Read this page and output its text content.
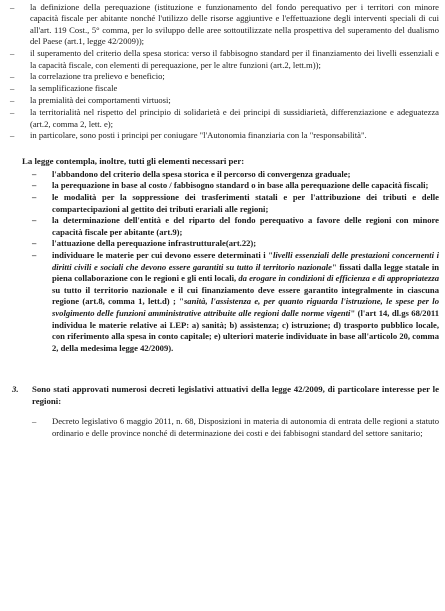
– la definizione della perequazione (istituzione e funzionamento del fondo perequativo per i territori con minore capacità fiscale per abitante nonché l'utilizzo delle risorse aggiuntive e l'effettuazione degli interventi speciali di cui all'art. 119 Cost., 5° comma, per lo sviluppo delle aree sottoutilizzate nella prospettiva del superamento del dualismo del Paese (art.1, legge 42/2009));
– il superamento del criterio della spesa storica: verso il fabbisogno standard per il finanziamento dei livelli essenziali e la capacità fiscale, con elementi di perequazione, per le altre funzioni (art.2, lett.m));
– la correlazione tra prelievo e beneficio;
– la semplificazione fiscale
– la premialità dei comportamenti virtuosi;
– la territorialità nel rispetto del principio di solidarietà e dei principi di sussidiarietà, differenziazione e adeguatezza (art.2, comma 2, lett. e);
– in particolare, sono posti i principi per coniugare "l'Autonomia finanziaria con la "responsabilità".

La legge contempla, inoltre, tutti gli elementi necessari per:

– l'abbandono del criterio della spesa storica e il percorso di convergenza graduale;
– la perequazione in base al costo / fabbisogno standard o in base alla perequazione delle capacità fiscali;
– le modalità per la soppressione dei trasferimenti statali e per l'attribuzione dei tributi e delle compartecipazioni al gettito dei tributi erariali alle regioni;
– la determinazione dell'entità e del riparto del fondo perequativo a favore delle regioni con minore capacità fiscale per abitante (art.9);
– l'attuazione della perequazione infrastrutturale(art.22);
– individuare le materie per cui devono essere determinati i "livelli essenziali delle prestazioni concernenti i diritti civili e sociali che devono essere garantiti su tutto il territorio nazionale" fissati dalla legge statale in piena collaborazione con le regioni e gli enti locali, da erogare in condizioni di efficienza e di appropriatezza su tutto il territorio nazionale e il cui finanziamento deve essere garantito integralmente in ciascuna regione (art.8, comma 1, lett.d) ; "sanità, l'assistenza e, per quanto riguarda l'istruzione, le spese per lo svolgimento delle funzioni amministrative attribuite alle regioni dalle norme vigenti" (l'art 14, dl.gs 68/2011 individua le materie relative ai LEP: a) sanità; b) assistenza; c) istruzione; d) trasporto pubblico locale, con riferimento alla spesa in conto capitale; e) ulteriori materie individuate in base all'articolo 20, comma 2, della medesima legge 42/2009).

3. Sono stati approvati numerosi decreti legislativi attuativi della legge 42/2009, di particolare interesse per le regioni:

– Decreto legislativo 6 maggio 2011, n. 68, Disposizioni in materia di autonomia di entrata delle regioni a statuto ordinario e delle province nonché di determinazione dei costi e dei fabbisogni standard del settore sanitario;
